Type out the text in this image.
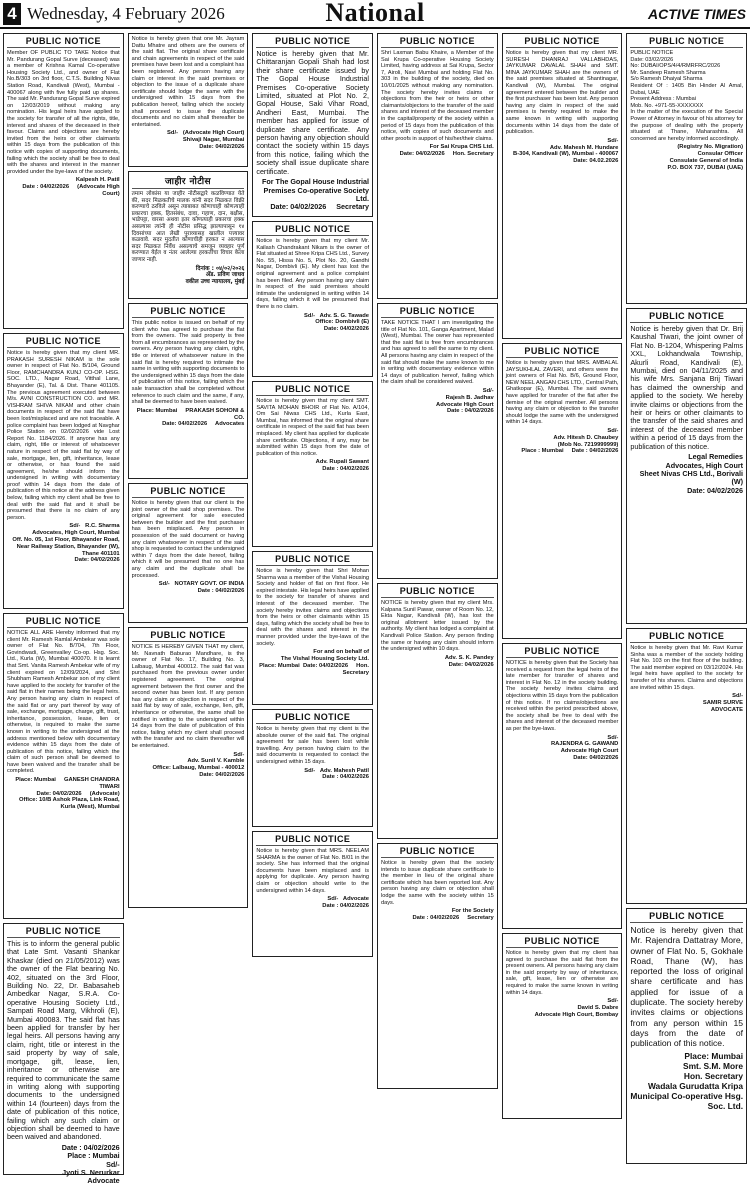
4 Wednesday, 4 February 2026	National	ACTIVE TIMES
PUBLIC NOTICE
Member OF PUBLIC TO TAKE Notice that Mr. Pandurang Gopal Surve (deceased) was a member of Krishna Kamal Co-operative Housing Society Ltd., and owner of Flat No.B/303 on 3rd floor, C.T.S. Building Nivas Station Road, Kandivali (West), Mumbai - 400067 along with five fully paid up shares. The said Mr. Pandurang Gopal Surve expired on 12/03/2019 without making any nomination. His legal heirs have applied to the society for transfer of all the rights, title, interest and shares of the deceased in their favour. Claims and objections are hereby invited from the heirs or other claimants within 15 days from the publication of this notice with copies of supporting documents, failing which the society shall be free to deal with the shares and interest in the manner provided under the bye-laws of the society.
Kalpesh H. Patil
Date : 04/02/2026     (Advocate High Court)
PUBLIC NOTICE
Notice is hereby given that my client MR. PRAKASH SURESH NIKAM is the sole owner in respect of Flat No. B/104, Ground Floor, RAMCHANDRA KUNJ CO-OP. HSG. SOC. LTD., Nagar Road, Vitthal Lane, Bhayander (E), Tal. & Dist. Thane 401105. The previous agreement executed between M/s. AVNI CONSTRUCTION CO. and MR. VISHRAM SHIVA NIKAM and other chain documents in respect of the said flat have been lost/misplaced and are not traceable. A police complaint has been lodged at Navghar Police Station on 02/02/2026 vide Lost Report No. 1184/2026. If anyone has any claim, right, title or interest of whatsoever nature in respect of the said flat by way of sale, mortgage, lien, gift, inheritance, lease or otherwise, or has found the said agreement, he/she should inform the undersigned in writing with documentary proof within 14 days from the date of publication of this notice at the address given below, failing which my client shall be free to deal with the said flat and it shall be presumed that there is no claim of any person.
Sd/-   R.C. Sharma
Advocates, High Court, Mumbai
Off. No. 05, 1st Floor, Bhayander Road, Near Railway Station, Bhayander (W), Thane 401101
Date: 04/02/2026
PUBLIC NOTICE
NOTICE ALL ARE Hereby informed that my client Mr. Ramesh Ramlal Ambekar was sole owner of Flat No. B/704, 7th Floor, Govindwadi, Greenvalley Co-op. Hsg. Soc. Ltd., Kurla (W), Mumbai 400070. It is learnt that Smt. Vanita Ramesh Ambekar wife of my client expired on 12/09/2024, and Shri Shubham Ramesh Ambekar son of my client have applied to the society for transfer of the said flat in their names being the legal heirs. Any person having any claim in respect of the said flat or any part thereof by way of sale, exchange, mortgage, charge, gift, trust, inheritance, possession, lease, lien or otherwise, is required to make the same known in writing to the undersigned at the address mentioned below with documentary evidence within 15 days from the date of publication of this notice, failing which the claim of such person shall be deemed to have been waived and the transfer shall be completed.
Place: Mumbai     GANESH CHANDRA TIWARI
Date: 04/02/2026     (Advocate)
Office: 10/B Ashok Plaza, Link Road, Kurla (West), Mumbai
PUBLIC NOTICE
This is to inform the general public that Late Smt. Vasanti Shankar Khaskar (died on 21/05/2012) was the owner of the Flat bearing No. 402, situated on the 3rd Floor, Building No. 22, Dr. Babasaheb Ambedkar Nagar, S.R.A. Co-operative Housing Society Ltd., Sampati Road Marg, Vikhroli (E), Mumbai 400083. The said flat has been applied for transfer by her legal heirs. All persons having any claim, right, title or interest in the said property by way of sale, mortgage, gift, lease, lien, inheritance or otherwise are required to communicate the same in writing along with supporting documents to the undersigned within 14 (fourteen) days from the date of publication of this notice, failing which any such claim or objection shall be deemed to have been waived and abandoned.
Date : 04/02/2026
Place : Mumbai
Sd/-
Jyoti S. Nerurkar
Advocate
Notice is hereby given that one Mr. Jayram Dattu Mhatre and others are the owners of the said flat. The original share certificate and chain agreements in respect of the said premises have been lost and a complaint has been registered. Any person having any claim or interest in the said premises or objection to the issue of a duplicate share certificate should lodge the same with the undersigned within 15 days from the publication hereof, failing which the society shall proceed to issue the duplicate documents and no claim shall thereafter be entertained.
Sd/-   (Advocate High Court)
Shivaji Nagar, Mumbai
Date: 04/02/2026
जाहीर नोटीस
तमाम लोकांस या जाहीर नोटीसद्वारे कळविण्यात येते की, सदर मिळकतीचे मालक यांनी सदर मिळकत विक्री करण्याचे ठरविले असून त्याबाबत कोणाचाही कोणत्याही प्रकारचा हक्क, हितसंबंध, दावा, गहाण, दान, बक्षीस, भाडेपट्टा, वारसा अथवा इतर कोणत्याही प्रकारचा हक्क असल्यास त्यांनी ही नोटीस प्रसिद्ध झाल्यापासून १४ दिवसांच्या आत लेखी पुराव्यासह खालील पत्त्यावर कळवावे. सदर मुदतीत कोणाचीही हरकत न आल्यास सदर मिळकत निर्वेध असल्याचे समजून व्यवहार पूर्ण करण्यात येईल व नंतर आलेल्या हरकतींचा विचार केला जाणार नाही.
दिनांक : ०४/०२/२०२६
अ‍ॅड. प्रविण जाधव
वकील उच्च न्यायालय, मुंबई
PUBLIC NOTICE
This public notice is issued on behalf of my client who has agreed to purchase the flat from the owners. The said property is free from all encumbrances as represented by the owners. Any person having any claim, right, title or interest of whatsoever nature in the said flat is hereby required to intimate the same in writing with supporting documents to the undersigned within 15 days from the date of publication of this notice, failing which the sale transaction shall be completed without reference to such claim and the same, if any, shall be deemed to have been waived.
Place: Mumbai     PRAKASH SOHONI & CO.
Date: 04/02/2026     Advocates
PUBLIC NOTICE
Notice is hereby given that our client is the joint owner of the said shop premises. The original agreement for sale executed between the builder and the first purchaser has been misplaced. Any person in possession of the said document or having any claim whatsoever in respect of the said shop is requested to contact the undersigned within 7 days from the date hereof, failing which it will be presumed that no one has any claim and the duplicate shall be processed.
Sd/-   NOTARY GOVT. OF INDIA
Date : 04/02/2026
PUBLIC NOTICE
NOTICE IS HEREBY GIVEN THAT my client, Mr. Navnath Baburao Mandhare, is the owner of Flat No. 17, Building No. 3, Lalbaug, Mumbai 400012. The said flat was purchased from the previous owner under registered agreement. The original agreement between the first owner and the second owner has been lost. If any person has any claim or objection in respect of the said flat by way of sale, exchange, lien, gift, inheritance or otherwise, the same shall be notified in writing to the undersigned within 14 days from the date of publication of this notice, failing which my client shall proceed with the transfer and no claim thereafter will be entertained.
Sd/-
Adv. Sunil V. Kamble
Office: Lalbaug, Mumbai - 400012
Date: 04/02/2026
PUBLIC NOTICE
Notice is hereby given that Mr. Chittaranjan Gopali Shah had lost their share certificate issued by The Gopal House Industrial Premises Co-operative Society Limited, situated at Plot No. 2, Gopal House, Saki Vihar Road, Andheri East, Mumbai. The member has applied for issue of duplicate share certificate. Any person having any objection should contact the society within 15 days from this notice, failing which the society shall issue duplicate share certificate.
For The Gopal House Industrial Premises Co-operative Society Ltd.
Date: 04/02/2026     Secretary
PUBLIC NOTICE
Notice is hereby given that my client Mr. Kailash Chandrakant Nikam is the owner of Flat situated at Shree Kripa CHS Ltd., Survey No. 55, Hissa No. 5, Plot No. 20, Gandhi Nagar, Dombivli (E). My client has lost the original agreement and a police complaint has been filed. Any person having any claim in respect of the said premises should intimate the undersigned in writing within 14 days, failing which it will be presumed that there is no claim.
Sd/-   Adv. S. G. Tawade
Office: Dombivli (E)
Date: 04/02/2026
PUBLIC NOTICE
Notice is hereby given that my client SMT. SAVITA MOHAN BHOIR of Flat No. A/104, Om Sai Niwas CHS Ltd., Kurla East, Mumbai, has informed that the original share certificate in respect of the said flat has been misplaced. My client has applied for duplicate share certificate. Objections, if any, may be submitted within 15 days from the date of publication of this notice.
Adv. Rupali Sawant
Date : 04/02/2026
PUBLIC NOTICE
Notice is hereby given that Shri Mohan Sharma was a member of the Vishal Housing Society and holder of flat on first floor. He expired intestate. His legal heirs have applied to the society for transfer of shares and interest of the deceased member. The society hereby invites claims and objections from the heirs or other claimants within 15 days, failing which the society shall be free to deal with the shares and interest in the manner provided under the bye-laws of the society.
For and on behalf of
The Vishal Housing Society Ltd.
Place: Mumbai  Date: 04/02/2026     Hon. Secretary
PUBLIC NOTICE
Notice is hereby given that my client is the absolute owner of the said flat. The original agreement for sale has been lost while travelling. Any person having claim to the said documents is requested to contact the undersigned within 15 days.
Sd/-   Adv. Mahesh Patil
Date : 04/02/2026
PUBLIC NOTICE
Notice is hereby given that MRS. NEELAM SHARMA is the owner of Flat No. B/01 in the society. She has informed that the original documents have been misplaced and is applying for duplicate. Any person having claim or objection should write to the undersigned within 14 days.
Sd/-   Advocate
Date : 04/02/2026
PUBLIC NOTICE
Shri Laxman Babu Khaire, a Member of the Sai Krupa Co-operative Housing Society Limited, having address at Sai Krupa, Sector 7, Airoli, Navi Mumbai and holding Flat No. 303 in the building of the society, died on 10/01/2025 without making any nomination. The society hereby invites claims or objections from the heir or heirs or other claimants/objectors to the transfer of the said shares and interest of the deceased member in the capital/property of the society within a period of 15 days from the publication of this notice, with copies of such documents and other proofs in support of his/her/their claims.
For Sai Krupa CHS Ltd.
Date: 04/02/2026     Hon. Secretary
PUBLIC NOTICE
TAKE NOTICE THAT I am investigating the title of Flat No. 101, Ganga Apartment, Malad (West), Mumbai. The owner has represented that the said flat is free from encumbrances and has agreed to sell the same to my client. All persons having any claim in respect of the said flat should make the same known to me in writing with documentary evidence within 14 days of publication hereof, failing which the claim shall be considered waived.
Sd/-
Rajesh B. Jadhav
Advocate High Court
Date : 04/02/2026
PUBLIC NOTICE
NOTICE is hereby given that my client Mrs. Kalpana Sunil Pawar, owner of Room No. 12, Ekta Nagar, Kandivali (W), has lost the original allotment letter issued by the authority. My client has lodged a complaint at Kandivali Police Station. Any person finding the same or having any claim should inform the undersigned within 10 days.
Adv. S. K. Pandey
Date: 04/02/2026
PUBLIC NOTICE
Notice is hereby given that the society intends to issue duplicate share certificate to the member in lieu of the original share certificate which has been reported lost. Any person having any claim or objection shall lodge the same with the society within 15 days.
For the Society
Date : 04/02/2026     Secretary
PUBLIC NOTICE
Notice is hereby given that my client MR. SURESH DHANRAJ VALLABHDAS, JAYKUMAR DAVALAL SHAH and SMT. MINA JAYKUMAR SHAH are the owners of the said premises situated at Shantinagar, Kandivali (W), Mumbai. The original agreement entered between the builder and the first purchaser has been lost. Any person having any claim in respect of the said premises is hereby required to make the same known in writing with supporting documents within 14 days from the date of publication.
Sd/-
Adv. Mahesh M. Hundare
B-304, Kandivali (W), Mumbai - 400067
Date: 04.02.2026
PUBLIC NOTICE
Notice is hereby given that MRS. AMBALAL JAYSUKHLAL ZAVERI, and others were the joint owners of Flat No. B/6, Ground Floor, NEW NEEL ANGAN CHS LTD., Central Path, Ghatkopar (E), Mumbai. The said owners have applied for transfer of the flat after the demise of the original member. All persons having any claim or objection to the transfer should lodge the same with the undersigned within 14 days.
Sd/-
Adv. Hitesh D. Chaubey
(Mob No. 7219999999)
Place : Mumbai     Date : 04/02/2026
PUBLIC NOTICE
NOTICE is hereby given that the Society has received a request from the legal heirs of the late member for transfer of shares and interest in Flat No. 12 in the society building. The society hereby invites claims and objections within 15 days from the publication of this notice. If no claims/objections are received within the period prescribed above, the society shall be free to deal with the shares and interest of the deceased member as per the bye-laws.
Sd/-
RAJENDRA G. GAWAND
Advocate High Court
Date: 04/02/2026
PUBLIC NOTICE
Notice is hereby given that my client has agreed to purchase the said flat from the present owners. All persons having any claim in the said property by way of inheritance, sale, gift, lease, lien or otherwise are required to make the same known in writing within 14 days.
Sd/-
David S. Dabre
Advocate High Court, Bombay
PUBLIC NOTICE
PUBLIC NOTICE
Date: 03/02/2026
No: DUBAI/OPS/4/4/RMRFRC/2026
Mr. Sandeep Ramesh Sharma
S/o Ramesh Dhaiyal Sharma
Resident Of : 1405 Bin Hinder Al Amal, Dubai, UAE
Present Address : Mumbai
Mob. No. +971-55-XXXXXXX
In the matter of the execution of the Special Power of Attorney in favour of his attorney for the purpose of dealing with the property situated at Thane, Maharashtra. All concerned are hereby informed accordingly.
(Registry No. Migration)
Consular Officer
Consulate General of India
P.O. BOX 737, DUBAI (UAE)
PUBLIC NOTICE
Notice is hereby given that Dr. Brij Kaushal Tiwari, the joint owner of Flat No. B-1204, Whispering Palms XXL, Lokhandwala Township, Akurli Road, Kandivali (E), Mumbai, died on 04/11/2025 and his wife Mrs. Sanjana Brij Tiwari has claimed the ownership and applied to the society. We hereby invite claims or objections from the heir or heirs or other claimants to the transfer of the said shares and interest of the deceased member within a period of 15 days from the publication of this notice.
Legal Remedies
Advocates, High Court
Sheet Nivas CHS Ltd., Borivali (W)
Date: 04/02/2026
PUBLIC NOTICE
Notice is hereby given that Mr. Ravi Kumar Sinha was a member of the society holding Flat No. 103 on the first floor of the building. The said member expired on 03/12/2024. His legal heirs have applied to the society for transfer of his shares. Claims and objections are invited within 15 days.
Sd/-
SAMIR SURVE
ADVOCATE
PUBLIC NOTICE
Notice is hereby given that Mr. Rajendra Dattatray More, owner of Flat No. 5, Gokhale Road, Thane (W), has reported the loss of original share certificate and has applied for issue of a duplicate. The society hereby invites claims or objections from any person within 15 days from the date of publication of this notice.
Place: Mumbai
Smt. S.M. More
Hon. Secretary
Wadala Gurudatta Kripa
Municipal Co-operative Hsg. Soc. Ltd.
